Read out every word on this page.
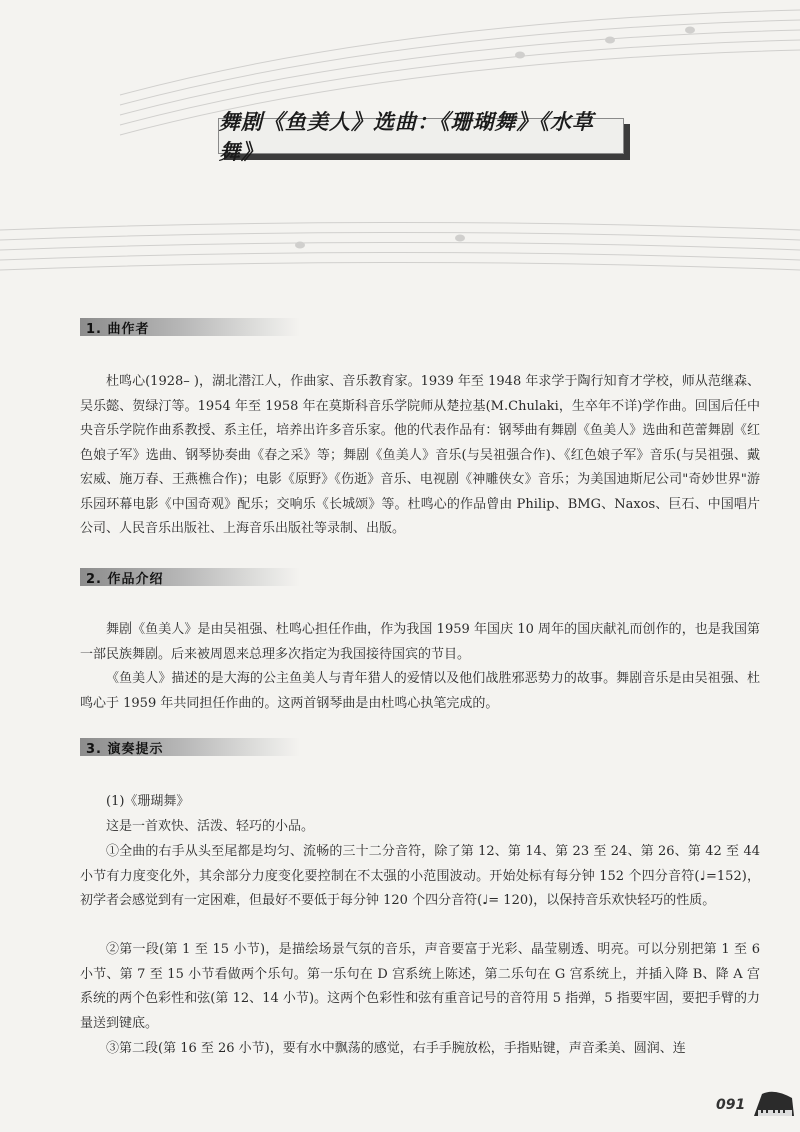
舞剧《鱼美人》选曲：《珊瑚舞》《水草舞》
1. 曲作者

杜鸣心(1928– )，湖北潜江人，作曲家、音乐教育家。1939 年至 1948 年求学于陶行知育才学校，师从范继森、吴乐懿、贺绿汀等。1954 年至 1958 年在莫斯科音乐学院师从楚拉基(M.Chulaki，生卒年不详)学作曲。回国后任中央音乐学院作曲系教授、系主任，培养出许多音乐家。他的代表作品有：钢琴曲有舞剧《鱼美人》选曲和芭蕾舞剧《红色娘子军》选曲、钢琴协奏曲《春之采》等；舞剧《鱼美人》音乐(与吴祖强合作)、《红色娘子军》音乐(与吴祖强、戴宏威、施万春、王燕樵合作)；电影《原野》《伤逝》音乐、电视剧《神雕侠女》音乐；为美国迪斯尼公司"奇妙世界"游乐园环幕电影《中国奇观》配乐；交响乐《长城颂》等。杜鸣心的作品曾由 Philip、BMG、Naxos、巨石、中国唱片公司、人民音乐出版社、上海音乐出版社等录制、出版。

2. 作品介绍

舞剧《鱼美人》是由吴祖强、杜鸣心担任作曲，作为我国 1959 年国庆 10 周年的国庆献礼而创作的，也是我国第一部民族舞剧。后来被周恩来总理多次指定为我国接待国宾的节目。

《鱼美人》描述的是大海的公主鱼美人与青年猎人的爱情以及他们战胜邪恶势力的故事。舞剧音乐是由吴祖强、杜鸣心于 1959 年共同担任作曲的。这两首钢琴曲是由杜鸣心执笔完成的。

3. 演奏提示

(1)《珊瑚舞》

这是一首欢快、活泼、轻巧的小品。

①全曲的右手从头至尾都是均匀、流畅的三十二分音符，除了第 12、第 14、第 23 至 24、第 26、第 42 至 44 小节有力度变化外，其余部分力度变化要控制在不太强的小范围波动。开始处标有每分钟 152 个四分音符(♩=152)，初学者会感觉到有一定困难，但最好不要低于每分钟 120 个四分音符(♩= 120)，以保持音乐欢快轻巧的性质。

②第一段(第 1 至 15 小节)，是描绘场景气氛的音乐，声音要富于光彩、晶莹剔透、明亮。可以分别把第 1 至 6 小节、第 7 至 15 小节看做两个乐句。第一乐句在 D 宫系统上陈述，第二乐句在 G 宫系统上，并插入降 B、降 A 宫系统的两个色彩性和弦(第 12、14 小节)。这两个色彩性和弦有重音记号的音符用 5 指弹，5 指要牢固，要把手臂的力量送到键底。

③第二段(第 16 至 26 小节)，要有水中飘荡的感觉，右手手腕放松，手指贴键，声音柔美、圆润、连

091
